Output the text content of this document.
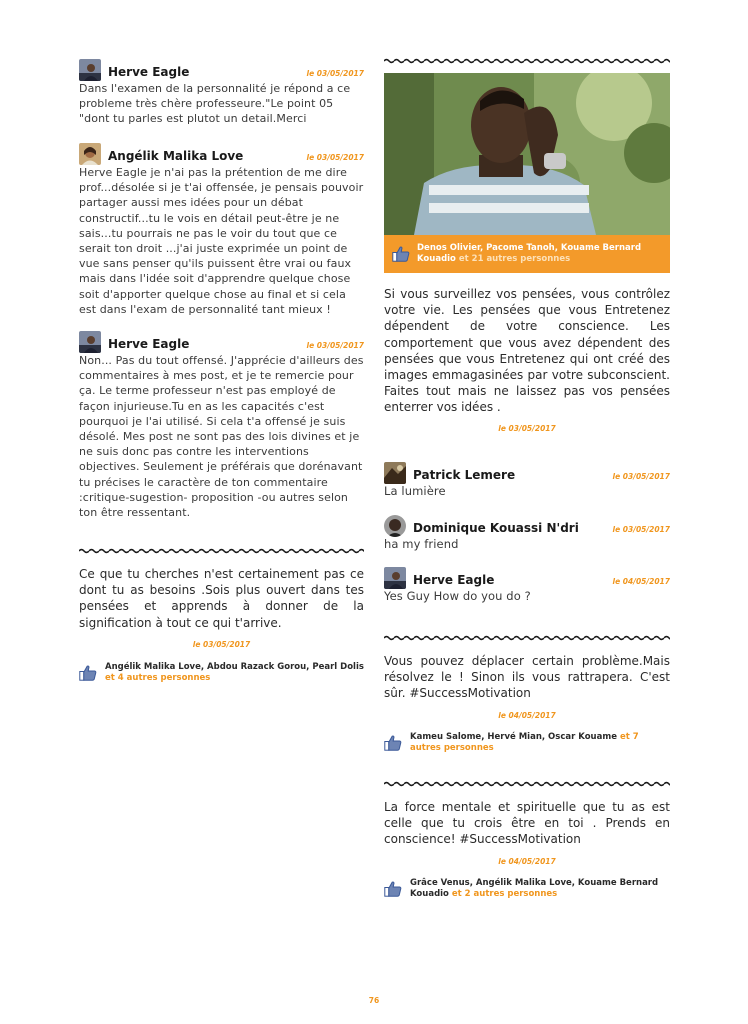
Herve Eagle	le 03/05/2017
Dans l'examen de la personnalité je répond a ce probleme très chère professeure."Le point 05 "dont tu parles est plutot un detail.Merci
Angélik Malika Love	le 03/05/2017
Herve Eagle je n'ai pas la prétention de me dire prof...désolée si je t'ai offensée, je pensais pouvoir partager aussi mes idées pour un débat constructif...tu le vois en détail peut-être je ne sais...tu pourrais ne pas le voir du tout que ce serait ton droit ...j'ai juste exprimée un point de vue sans penser qu'ils puissent être vrai ou faux mais dans l'idée soit d'apprendre quelque chose soit d'apporter quelque chose au final et si cela est dans l'exam de personnalité tant mieux !
Herve Eagle	le 03/05/2017
Non... Pas du tout offensé. J'apprécie d'ailleurs des commentaires à mes post, et je te remercie pour ça. Le terme professeur n'est pas employé de façon injurieuse.Tu en as les capacités c'est pourquoi je l'ai utilisé. Si cela t'a offensé je suis désolé. Mes post ne sont pas des lois divines et je ne suis donc pas contre les interventions objectives. Seulement je préférais que dorénavant tu précises le caractère de ton commentaire :critique-sugestion- proposition -ou autres selon ton être ressentant.
Ce que tu cherches n'est certainement pas ce dont tu as besoins .Sois plus ouvert dans tes pensées et apprends à donner de la signification à tout ce qui t'arrive.
le 03/05/2017
Angélik Malika Love, Abdou Razack Gorou, Pearl Dolis et 4 autres personnes
Denos Olivier, Pacome Tanoh, Kouame Bernard Kouadio et 21 autres personnes
Si vous surveillez vos pensées, vous contrôlez votre vie. Les pensées que vous Entretenez dépendent de votre conscience. Les comportement que vous avez dépendent des pensées que vous Entretenez qui ont créé des images emmagasinées par votre subconscient. Faites tout mais ne laissez pas vos pensées enterrer vos idées .
le 03/05/2017
Patrick Lemere	le 03/05/2017
La lumière
Dominique Kouassi N'dri	le 03/05/2017
ha my friend
Herve Eagle	le 04/05/2017
Yes Guy How do you do ?
Vous pouvez déplacer certain problème.Mais résolvez le ! Sinon ils vous rattrapera. C'est sûr. #SuccessMotivation
le 04/05/2017
Kameu Salome, Hervé Mian, Oscar Kouame et 7 autres personnes
La force mentale et spirituelle que tu as est celle que tu crois être en toi . Prends en conscience! #SuccessMotivation
le 04/05/2017
Grâce Venus, Angélik Malika Love, Kouame Bernard Kouadio et 2 autres personnes
76
